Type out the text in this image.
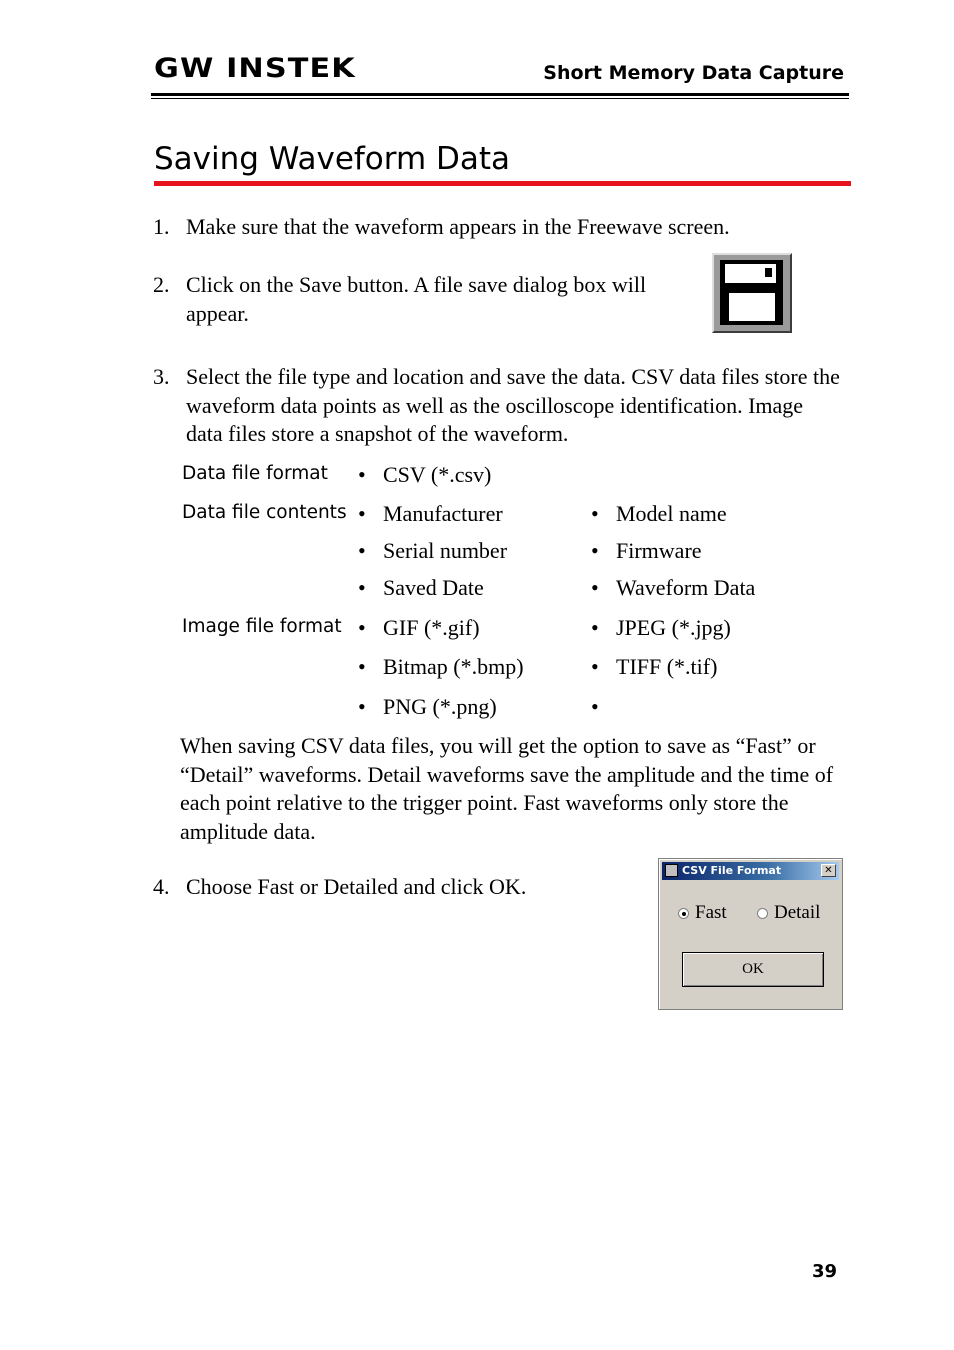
GW INSTEK	Short Memory Data Capture
Saving Waveform Data
1. Make sure that the waveform appears in the Freewave screen.
2. Click on the Save button. A file save dialog box will appear.
3. Select the file type and location and save the data. CSV data files store the waveform data points as well as the oscilloscope identification. Image data files store a snapshot of the waveform.
Data file format • CSV (*.csv)
Data file contents • Manufacturer	• Model name
• Serial number	• Firmware
• Saved Date	• Waveform Data
Image file format • GIF (*.gif)	• JPEG (*.jpg)
• Bitmap (*.bmp)	• TIFF (*.tif)
• PNG (*.png)	•
When saving CSV data files, you will get the option to save as “Fast” or “Detail” waveforms. Detail waveforms save the amplitude and the time of each point relative to the trigger point. Fast waveforms only store the amplitude data.
4. Choose Fast or Detailed and click OK.
CSV File Format	✕
Fast Detail
OK
39
